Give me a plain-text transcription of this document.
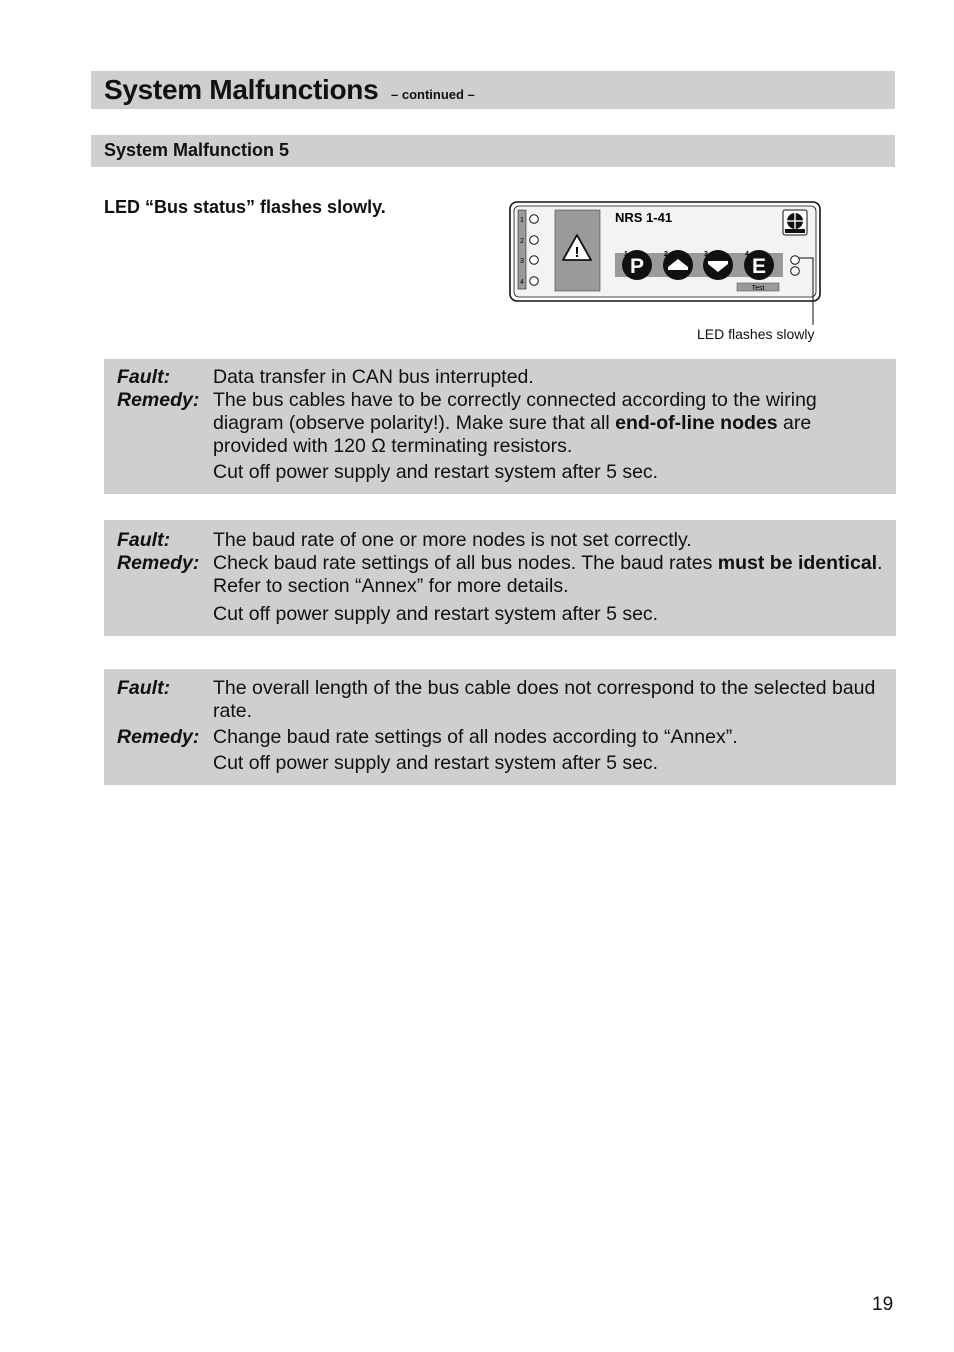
System Malfunctions – continued –
System Malfunction 5
LED “Bus status” flashes slowly.
1
2
3
4
!
NRS 1-41
P
1	2	3
E
4
Test
LED flashes slowly
Fault: Data transfer in CAN bus interrupted.
Remedy: The bus cables have to be correctly connected according to the wiring diagram (observe polarity!). Make sure that all end-of-line nodes are provided with 120 Ω terminating resistors.
Cut off power supply and restart system after 5 sec.
Fault: The baud rate of one or more nodes is not set correctly.
Remedy: Check baud rate settings of all bus nodes. The baud rates must be identical. Refer to section “Annex” for more details.
Cut off power supply and restart system after 5 sec.
Fault: The overall length of the bus cable does not correspond to the selected baud rate.
Remedy: Change baud rate settings of all nodes according to “Annex”.
Cut off power supply and restart system after 5 sec.
19
